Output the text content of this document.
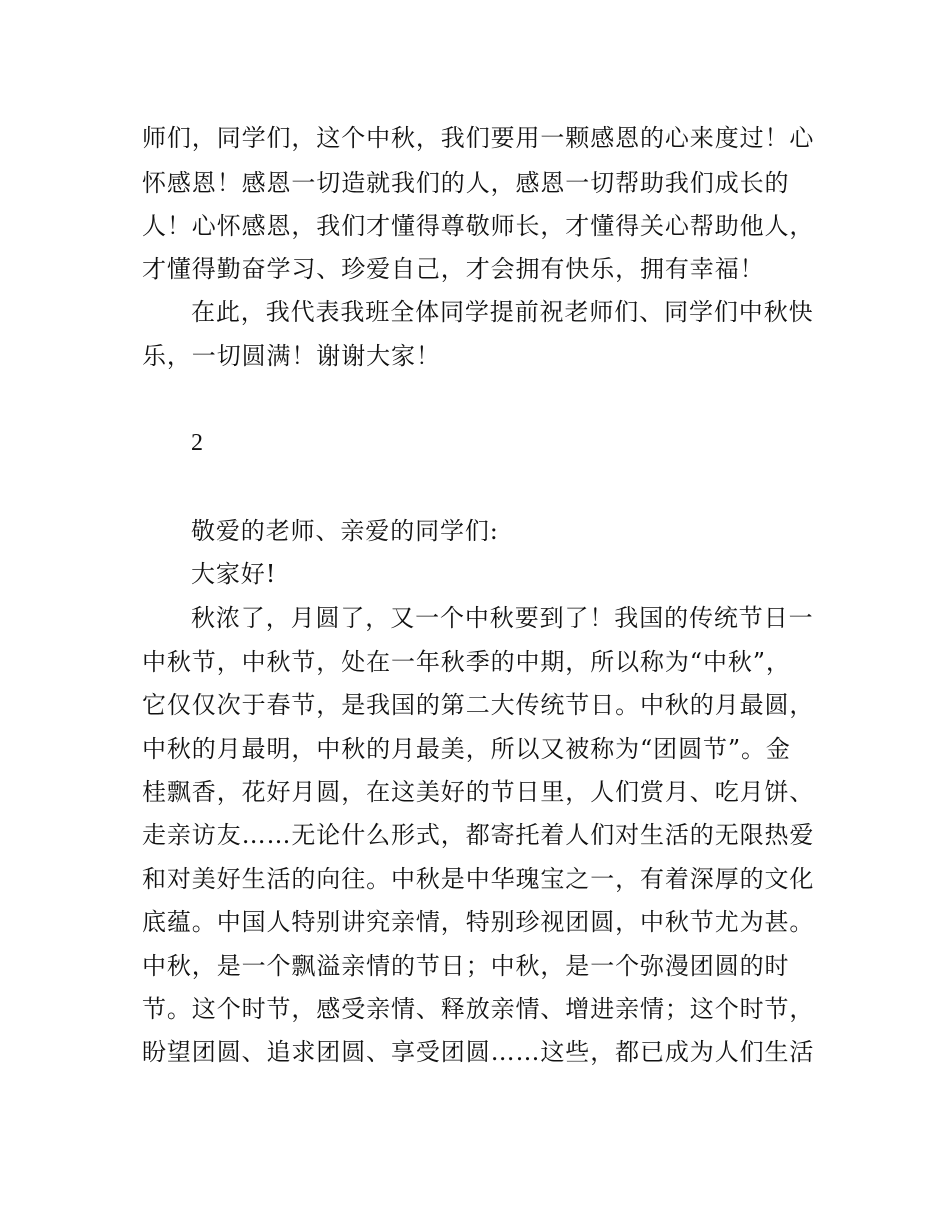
师们，同学们，这个中秋，我们要用一颗感恩的心来度过！心
怀感恩！感恩一切造就我们的人，感恩一切帮助我们成长的
人！心怀感恩，我们才懂得尊敬师长，才懂得关心帮助他人，
才懂得勤奋学习、珍爱自己，才会拥有快乐，拥有幸福！
在此，我代表我班全体同学提前祝老师们、同学们中秋快
乐，一切圆满！谢谢大家！
2
敬爱的老师、亲爱的同学们:
大家好!
秋浓了，月圆了，又一个中秋要到了！我国的传统节日一
中秋节，中秋节，处在一年秋季的中期，所以称为“中秋”，
它仅仅次于春节，是我国的第二大传统节日。中秋的月最圆，
中秋的月最明，中秋的月最美，所以又被称为“团圆节”。金
桂飘香，花好月圆，在这美好的节日里，人们赏月、吃月饼、
走亲访友……无论什么形式，都寄托着人们对生活的无限热爱
和对美好生活的向往。中秋是中华瑰宝之一，有着深厚的文化
底蕴。中国人特别讲究亲情，特别珍视团圆，中秋节尤为甚。
中秋，是一个飘溢亲情的节日；中秋，是一个弥漫团圆的时
节。这个时节，感受亲情、释放亲情、增进亲情；这个时节，
盼望团圆、追求团圆、享受团圆……这些，都已成为人们生活
